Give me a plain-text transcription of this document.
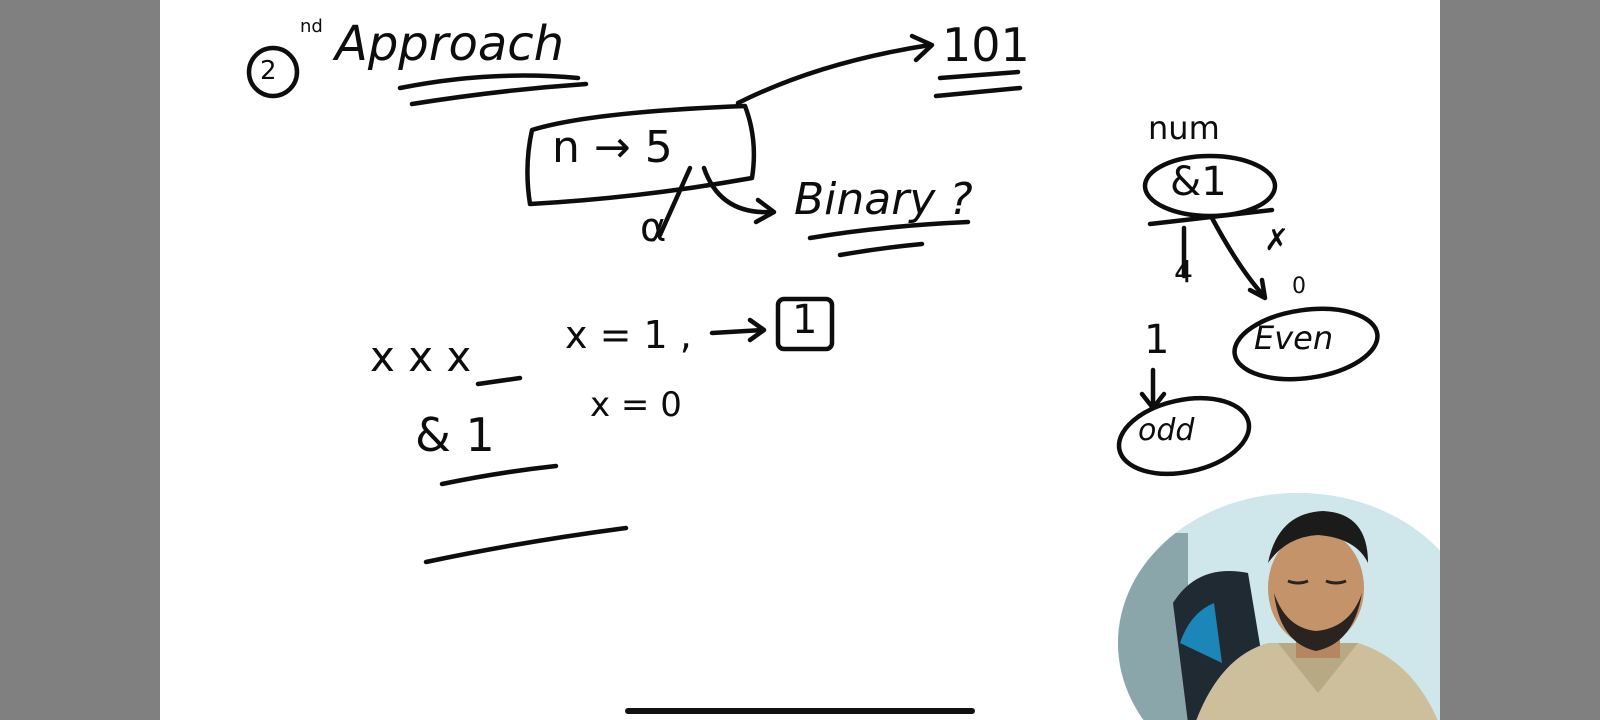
2
nd Approach	101
n → 5
α
Binary ?
x x x x = 1 ,	1
& 1
x = 0
num
&1
4
✗
0
Even
1
odd
